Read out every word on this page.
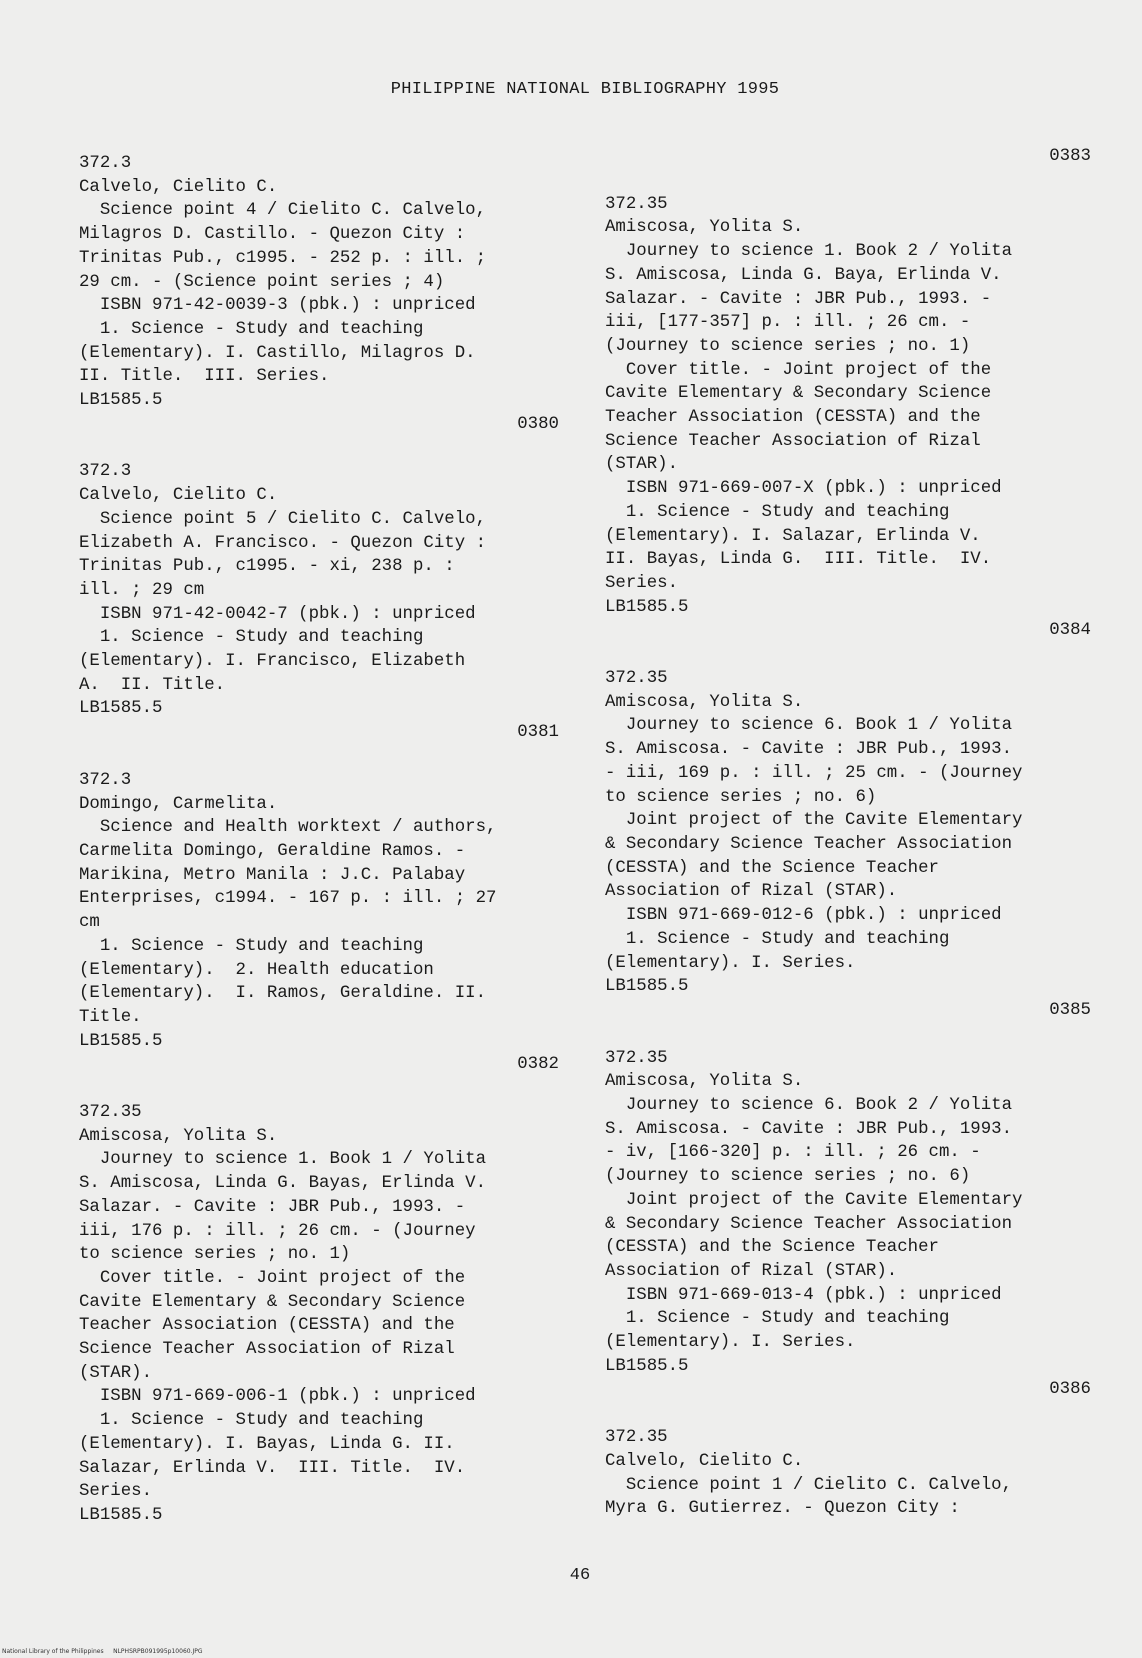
PHILIPPINE NATIONAL BIBLIOGRAPHY 1995
372.3
Calvelo, Cielito C.
Science point 4 / Cielito C. Calvelo,
Milagros D. Castillo. - Quezon City :
Trinitas Pub., c1995. - 252 p. : ill. ;
29 cm. - (Science point series ; 4)
ISBN 971-42-0039-3 (pbk.) : unpriced
1. Science - Study and teaching
(Elementary). I. Castillo, Milagros D.
II. Title.  III. Series.
LB1585.5
0380
372.3
Calvelo, Cielito C.
Science point 5 / Cielito C. Calvelo,
Elizabeth A. Francisco. - Quezon City :
Trinitas Pub., c1995. - xi, 238 p. :
ill. ; 29 cm
ISBN 971-42-0042-7 (pbk.) : unpriced
1. Science - Study and teaching
(Elementary). I. Francisco, Elizabeth
A.  II. Title.
LB1585.5
0381
372.3
Domingo, Carmelita.
Science and Health worktext / authors,
Carmelita Domingo, Geraldine Ramos. -
Marikina, Metro Manila : J.C. Palabay
Enterprises, c1994. - 167 p. : ill. ; 27
cm
1. Science - Study and teaching
(Elementary).  2. Health education
(Elementary).  I. Ramos, Geraldine. II.
Title.
LB1585.5
0382
372.35
Amiscosa, Yolita S.
Journey to science 1. Book 1 / Yolita
S. Amiscosa, Linda G. Bayas, Erlinda V.
Salazar. - Cavite : JBR Pub., 1993. -
iii, 176 p. : ill. ; 26 cm. - (Journey
to science series ; no. 1)
Cover title. - Joint project of the
Cavite Elementary & Secondary Science
Teacher Association (CESSTA) and the
Science Teacher Association of Rizal
(STAR).
ISBN 971-669-006-1 (pbk.) : unpriced
1. Science - Study and teaching
(Elementary). I. Bayas, Linda G. II.
Salazar, Erlinda V.  III. Title.  IV.
Series.
LB1585.5
0383
372.35
Amiscosa, Yolita S.
Journey to science 1. Book 2 / Yolita
S. Amiscosa, Linda G. Baya, Erlinda V.
Salazar. - Cavite : JBR Pub., 1993. -
iii, [177-357] p. : ill. ; 26 cm. -
(Journey to science series ; no. 1)
Cover title. - Joint project of the
Cavite Elementary & Secondary Science
Teacher Association (CESSTA) and the
Science Teacher Association of Rizal
(STAR).
ISBN 971-669-007-X (pbk.) : unpriced
1. Science - Study and teaching
(Elementary). I. Salazar, Erlinda V.
II. Bayas, Linda G.  III. Title.  IV.
Series.
LB1585.5
0384
372.35
Amiscosa, Yolita S.
Journey to science 6. Book 1 / Yolita
S. Amiscosa. - Cavite : JBR Pub., 1993.
- iii, 169 p. : ill. ; 25 cm. - (Journey
to science series ; no. 6)
Joint project of the Cavite Elementary
& Secondary Science Teacher Association
(CESSTA) and the Science Teacher
Association of Rizal (STAR).
ISBN 971-669-012-6 (pbk.) : unpriced
1. Science - Study and teaching
(Elementary). I. Series.
LB1585.5
0385
372.35
Amiscosa, Yolita S.
Journey to science 6. Book 2 / Yolita
S. Amiscosa. - Cavite : JBR Pub., 1993.
- iv, [166-320] p. : ill. ; 26 cm. -
(Journey to science series ; no. 6)
Joint project of the Cavite Elementary
& Secondary Science Teacher Association
(CESSTA) and the Science Teacher
Association of Rizal (STAR).
ISBN 971-669-013-4 (pbk.) : unpriced
1. Science - Study and teaching
(Elementary). I. Series.
LB1585.5
0386
372.35
Calvelo, Cielito C.
Science point 1 / Cielito C. Calvelo,
Myra G. Gutierrez. - Quezon City :
46
National Library of the Philippines     NLPHSRPB091995p10060.JPG
